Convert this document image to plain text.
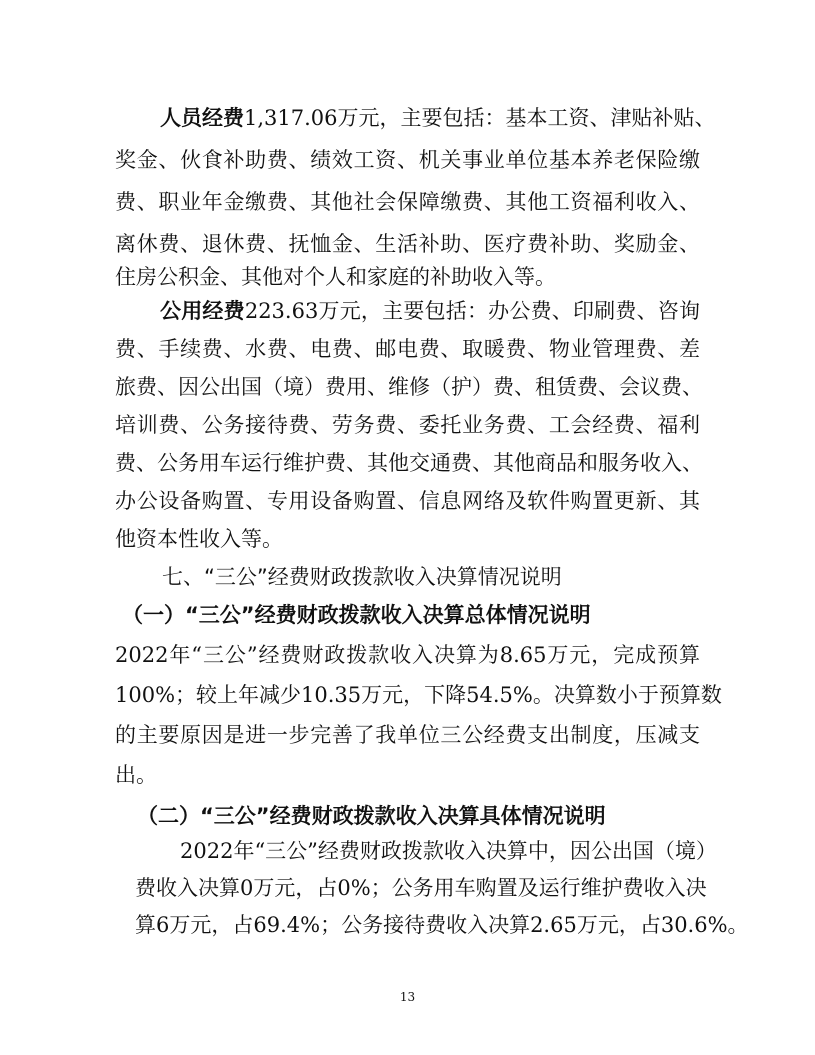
人员经费1,317.06万元，主要包括：基本工资、津贴补贴、
奖金、伙食补助费、绩效工资、机关事业单位基本养老保险缴
费、职业年金缴费、其他社会保障缴费、其他工资福利收入、
离休费、退休费、抚恤金、生活补助、医疗费补助、奖励金、
住房公积金、其他对个人和家庭的补助收入等。
公用经费223.63万元，主要包括：办公费、印刷费、咨询
费、手续费、水费、电费、邮电费、取暖费、物业管理费、差
旅费、因公出国（境）费用、维修（护）费、租赁费、会议费、
培训费、公务接待费、劳务费、委托业务费、工会经费、福利
费、公务用车运行维护费、其他交通费、其他商品和服务收入、
办公设备购置、专用设备购置、信息网络及软件购置更新、其
他资本性收入等。
七、“三公”经费财政拨款收入决算情况说明
（一）“三公”经费财政拨款收入决算总体情况说明
2022年“三公”经费财政拨款收入决算为8.65万元，完成预算
100%；较上年减少10.35万元，下降54.5%。决算数小于预算数
的主要原因是进一步完善了我单位三公经费支出制度，压减支
出。
（二）“三公”经费财政拨款收入决算具体情况说明
2022年“三公”经费财政拨款收入决算中，因公出国（境）
费收入决算0万元，占0%；公务用车购置及运行维护费收入决
算6万元，占69.4%；公务接待费收入决算2.65万元，占30.6%。
13
